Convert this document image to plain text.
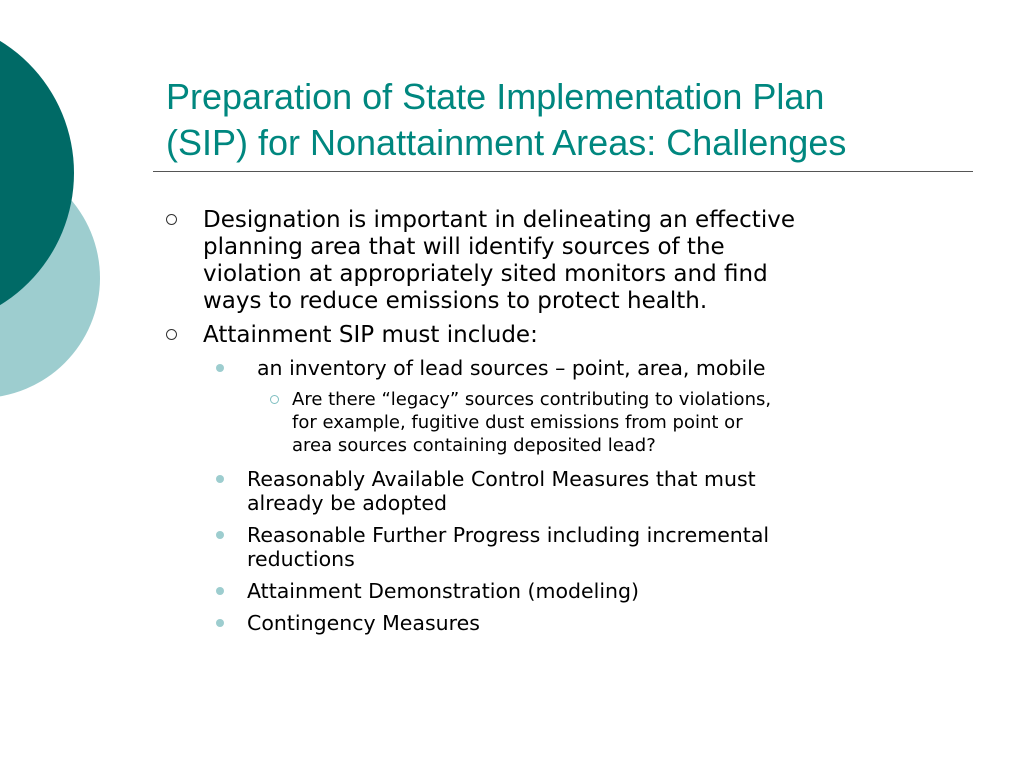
Preparation of State Implementation Plan
(SIP) for Nonattainment Areas: Challenges
Designation is important in delineating an effective
planning area that will identify sources of the
violation at appropriately sited monitors and find
ways to reduce emissions to protect health.
Attainment SIP must include:
an inventory of lead sources – point, area, mobile
Are there “legacy” sources contributing to violations,
for example, fugitive dust emissions from point or
area sources containing deposited lead?
Reasonably Available Control Measures that must
already be adopted
Reasonable Further Progress including incremental
reductions
Attainment Demonstration (modeling)
Contingency Measures
